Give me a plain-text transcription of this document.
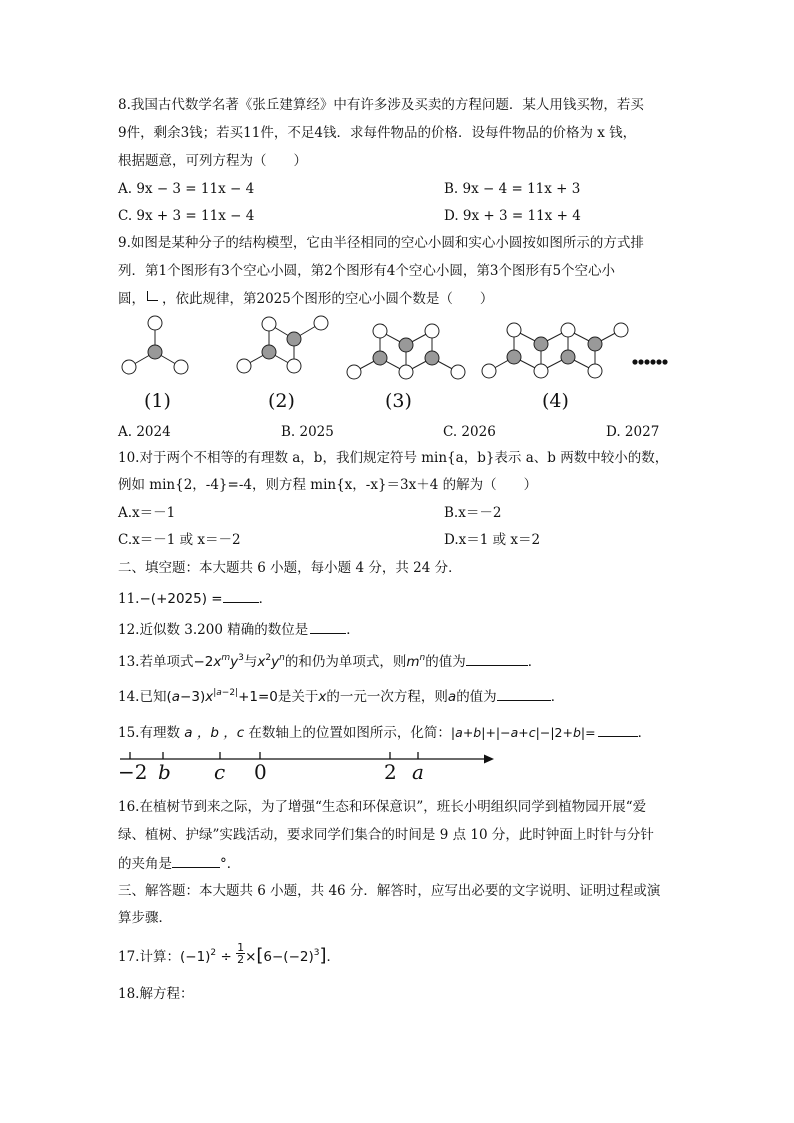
8.我国古代数学名著《张丘建算经》中有许多涉及买卖的方程问题．某人用钱买物，若买
9件，剩余3钱；若买11件，不足4钱．求每件物品的价格．设每件物品的价格为 x 钱，
根据题意，可列方程为（　　）
A. 9x − 3 = 11x − 4	B. 9x − 4 = 11x + 3
C. 9x + 3 = 11x − 4	D. 9x + 3 = 11x + 4
9.如图是某种分子的结构模型，它由半径相同的空心小圆和实心小圆按如图所示的方式排
列．第1个图形有3个空心小圆，第2个图形有4个空心小圆，第3个图形有5个空心小
圆， ，依此规律，第2025个图形的空心小圆个数是（　　）
(1)	(2)	(3)	(4)
A. 2024	B. 2025	C. 2026	D. 2027
10.对于两个不相等的有理数 a，b，我们规定符号 min{a，b}表示 a、b 两数中较小的数，
例如 min{2，-4}=-4，则方程 min{x，-x}＝3x＋4 的解为（　　）
A.x＝－1	B.x＝－2
C.x＝－1 或 x＝－2	D.x＝1 或 x＝2
二、填空题：本大题共 6 小题，每小题 4 分，共 24 分．
11.−(+2025) =	．
12.近似数 3.200 精确的数位是	．
13.若单项式$-2x^my^3$与$x^2y^n$的和仍为单项式，则$m^n$的值为	．
14.已知$(a-3)x^{|a-2|}+1=0$是关于x的一元一次方程，则a的值为	．
15.有理数 a ，b ，c 在数轴上的位置如图所示，化简：|a+b|+|−a+c|−|2+b|=	．
−2 b c 0	2 a
16.在植树节到来之际，为了增强“生态和环保意识”，班长小明组织同学到植物园开展“爱
绿、植树、护绿”实践活动，要求同学们集合的时间是 9 点 10 分，此时钟面上时针与分针
的夹角是	°．
三、解答题：本大题共 6 小题，共 46 分．解答时，应写出必要的文字说明、证明过程或演
算步骤．
17.计算：$(-1)^2 \div \frac{1}{2} \times[6-(-2)^3]$．
18.解方程：
